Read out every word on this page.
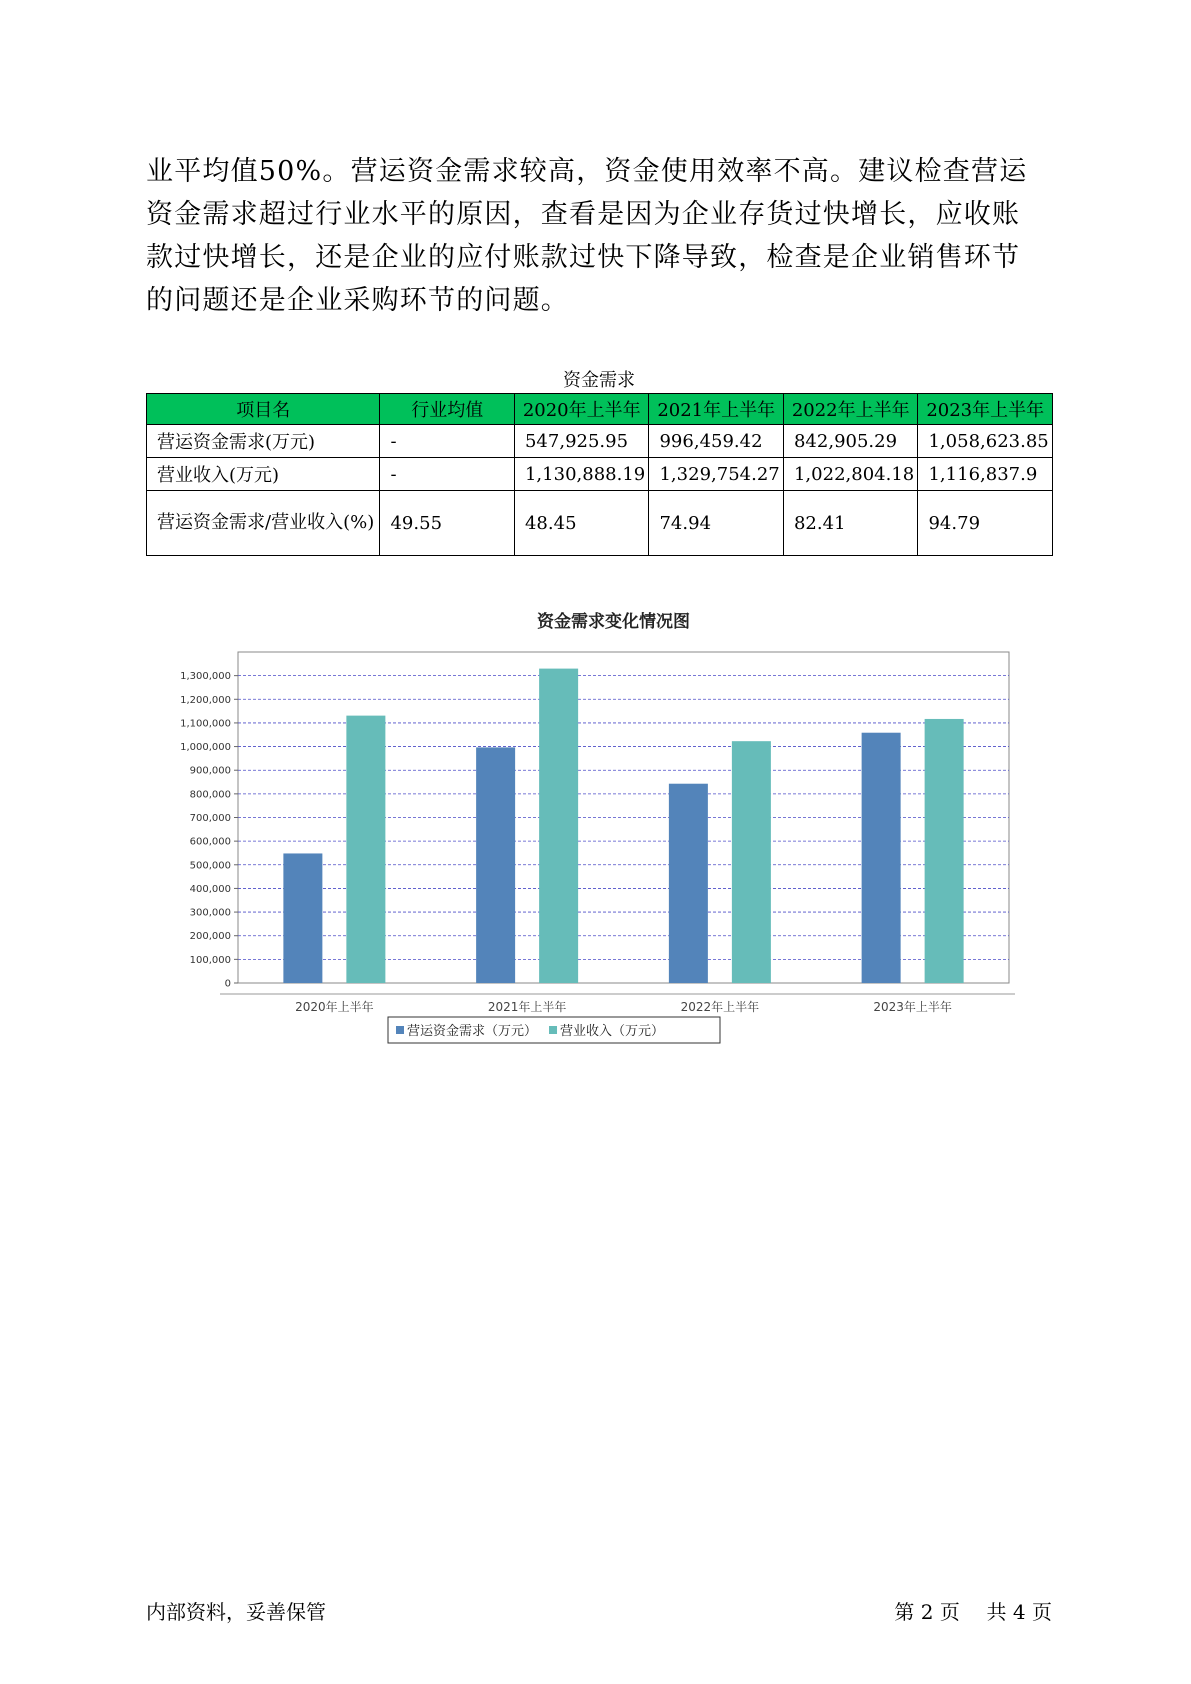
业平均值50%。营运资金需求较高，资金使用效率不高。建议检查营运资金需求超过行业水平的原因，查看是因为企业存货过快增长，应收账款过快增长，还是企业的应付账款过快下降导致，检查是企业销售环节的问题还是企业采购环节的问题。

资金需求
项目名	行业均值	2020年上半年	2021年上半年	2022年上半年	2023年上半年
营运资金需求(万元)	-	547,925.95	996,459.42	842,905.29	1,058,623.85
营业收入(万元)	-	1,130,888.19	1,329,754.27	1,022,804.18	1,116,837.9
营运资金需求/营业收入(%)	49.55	48.45	74.94	82.41	94.79
资金需求变化情况图
0
100,000
200,000
300,000
400,000
500,000
600,000
700,000
800,000
900,000
1,000,000
1,100,000
1,200,000
1,300,000
2020年上半年	2021年上半年	2022年上半年	2023年上半年
营运资金需求（万元） 营业收入（万元）
内部资料，妥善保管	第 2 页 共 4 页
